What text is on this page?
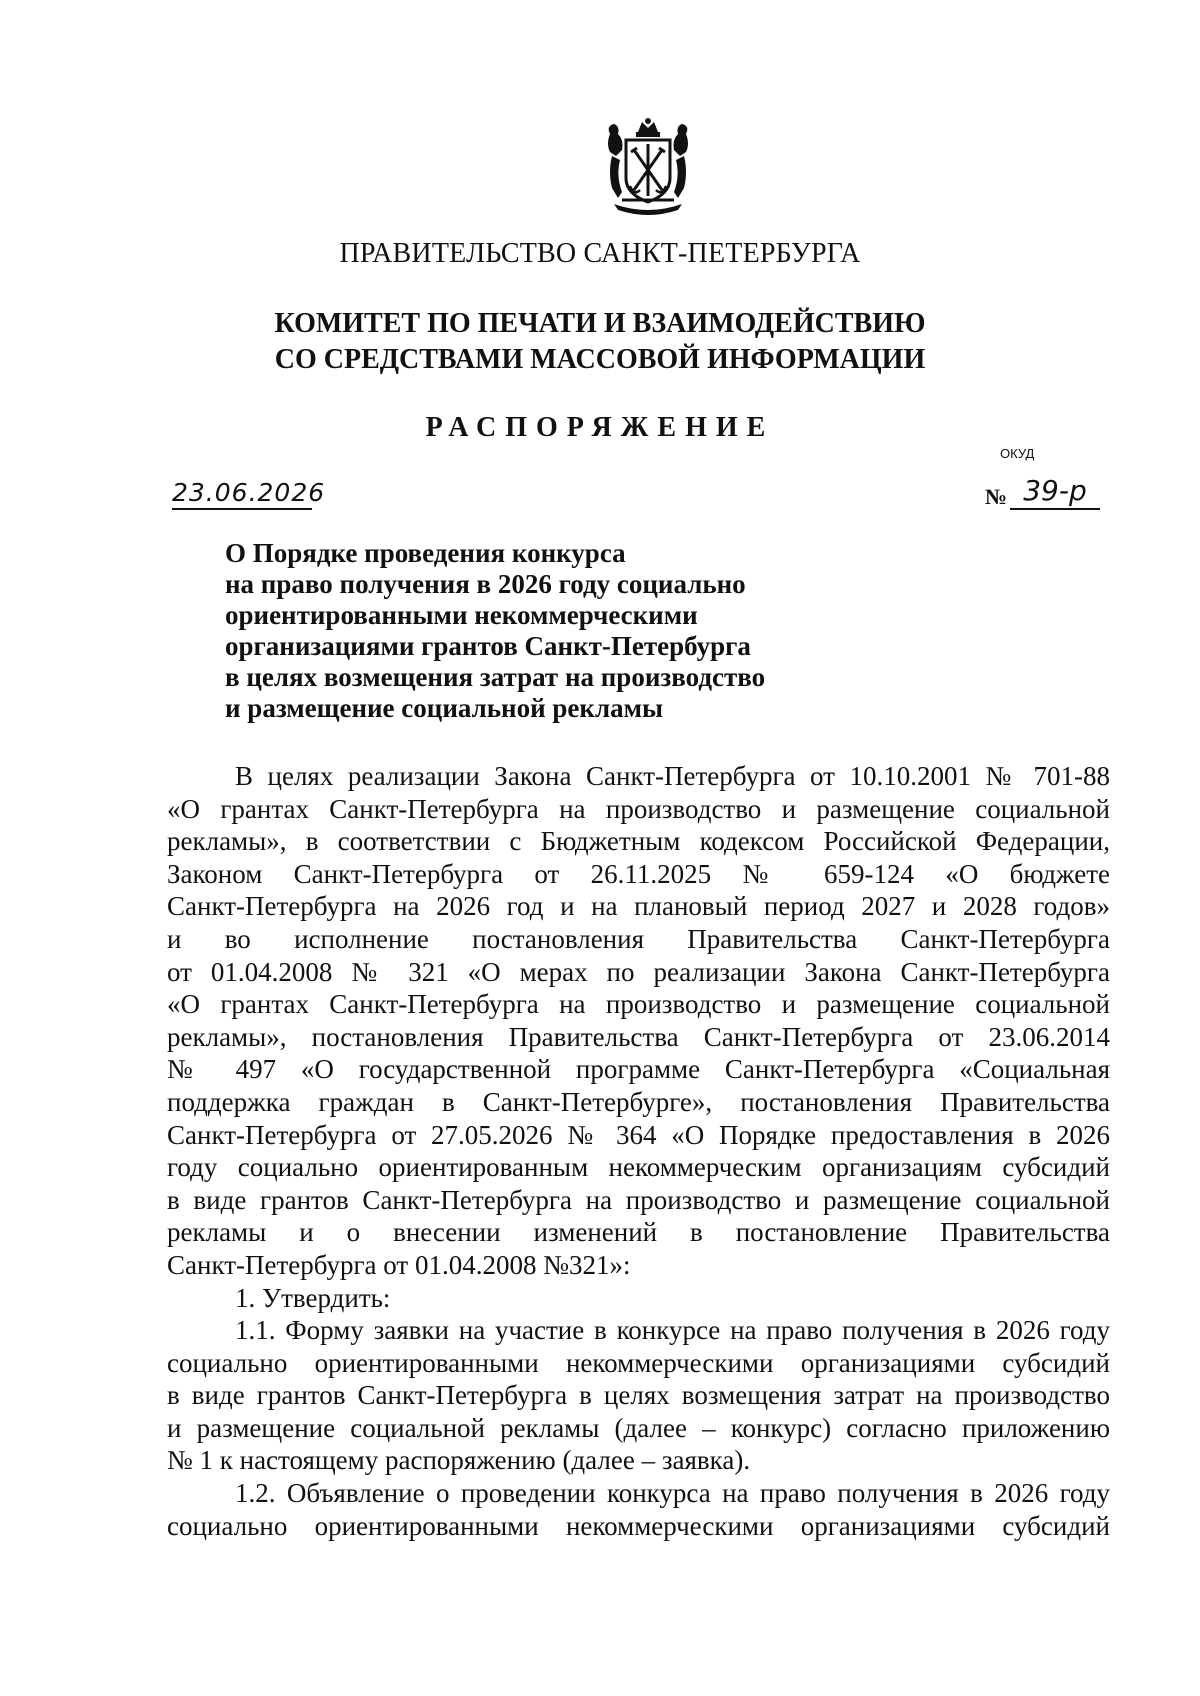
ПРАВИТЕЛЬСТВО САНКТ-ПЕТЕРБУРГА
КОМИТЕТ ПО ПЕЧАТИ И ВЗАИМОДЕЙСТВИЮ
СО СРЕДСТВАМИ МАССОВОЙ ИНФОРМАЦИИ
РАСПОРЯЖЕНИЕ
ОКУД
23.06.2026	№ 39-р
О Порядке проведения конкурса
на право получения в 2026 году социально
ориентированными некоммерческими
организациями грантов Санкт-Петербурга
в целях возмещения затрат на производство
и размещение социальной рекламы
В целях реализации Закона Санкт-Петербурга от 10.10.2001 № 701-88
«О грантах Санкт-Петербурга на производство и размещение социальной
рекламы», в соответствии с Бюджетным кодексом Российской Федерации,
Законом Санкт-Петербурга от 26.11.2025 № 659-124 «О бюджете
Санкт-Петербурга на 2026 год и на плановый период 2027 и 2028 годов»
и во исполнение постановления Правительства Санкт-Петербурга
от 01.04.2008 № 321 «О мерах по реализации Закона Санкт-Петербурга
«О грантах Санкт-Петербурга на производство и размещение социальной
рекламы», постановления Правительства Санкт-Петербурга от 23.06.2014
№ 497 «О государственной программе Санкт-Петербурга «Социальная
поддержка граждан в Санкт-Петербурге», постановления Правительства
Санкт-Петербурга от 27.05.2026 № 364 «О Порядке предоставления в 2026
году социально ориентированным некоммерческим организациям субсидий
в виде грантов Санкт-Петербурга на производство и размещение социальной
рекламы и о внесении изменений в постановление Правительства
Санкт-Петербурга от 01.04.2008 №321»:
1. Утвердить:
1.1. Форму заявки на участие в конкурсе на право получения в 2026 году
социально ориентированными некоммерческими организациями субсидий
в виде грантов Санкт-Петербурга в целях возмещения затрат на производство
и размещение социальной рекламы (далее – конкурс) согласно приложению
№ 1 к настоящему распоряжению (далее – заявка).
1.2. Объявление о проведении конкурса на право получения в 2026 году
социально ориентированными некоммерческими организациями субсидий
